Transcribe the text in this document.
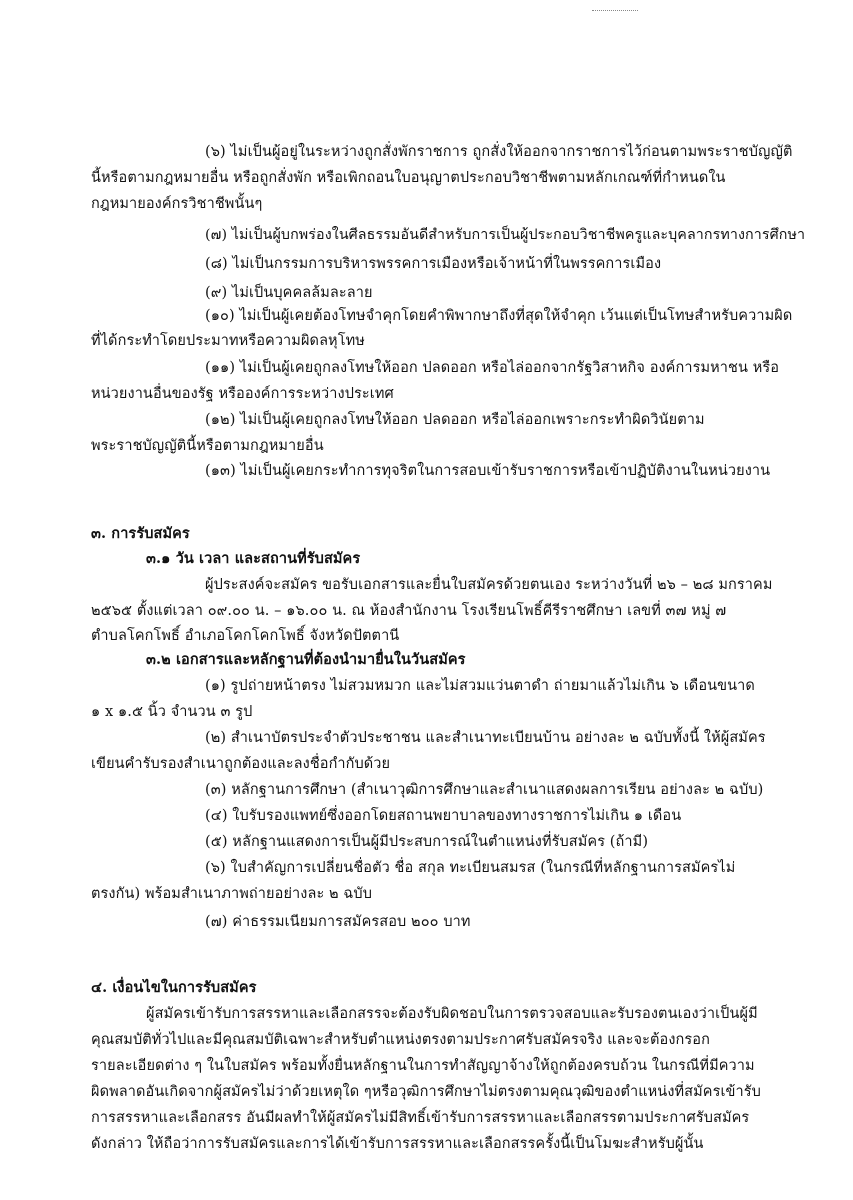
(๖) ไม่เป็นผู้อยู่ในระหว่างถูกสั่งพักราชการ ถูกสั่งให้ออกจากราชการไว้ก่อนตามพระราชบัญญัติ
นี้หรือตามกฎหมายอื่น หรือถูกสั่งพัก หรือเพิกถอนใบอนุญาตประกอบวิชาชีพตามหลักเกณฑ์ที่กำหนดใน
กฎหมายองค์กรวิชาชีพนั้นๆ
(๗) ไม่เป็นผู้บกพร่องในศีลธรรมอันดีสำหรับการเป็นผู้ประกอบวิชาชีพครูและบุคลากรทางการศึกษา
(๘) ไม่เป็นกรรมการบริหารพรรคการเมืองหรือเจ้าหน้าที่ในพรรคการเมือง
(๙) ไม่เป็นบุคคลล้มละลาย
(๑๐) ไม่เป็นผู้เคยต้องโทษจำคุกโดยคำพิพากษาถึงที่สุดให้จำคุก เว้นแต่เป็นโทษสำหรับความผิด
ที่ได้กระทำโดยประมาทหรือความผิดลหุโทษ
(๑๑) ไม่เป็นผู้เคยถูกลงโทษให้ออก ปลดออก หรือไล่ออกจากรัฐวิสาหกิจ องค์การมหาชน หรือ
หน่วยงานอื่นของรัฐ หรือองค์การระหว่างประเทศ
(๑๒) ไม่เป็นผู้เคยถูกลงโทษให้ออก ปลดออก หรือไล่ออกเพราะกระทำผิดวินัยตาม
พระราชบัญญัตินี้หรือตามกฎหมายอื่น
(๑๓) ไม่เป็นผู้เคยกระทำการทุจริตในการสอบเข้ารับราชการหรือเข้าปฏิบัติงานในหน่วยงาน
๓. การรับสมัคร
๓.๑ วัน เวลา และสถานที่รับสมัคร
ผู้ประสงค์จะสมัคร ขอรับเอกสารและยื่นใบสมัครด้วยตนเอง ระหว่างวันที่ ๒๖ – ๒๘ มกราคม
๒๕๖๕ ตั้งแต่เวลา ๐๙.๐๐ น. – ๑๖.๐๐ น. ณ ห้องสำนักงาน โรงเรียนโพธิ์คีรีราชศึกษา เลขที่ ๓๗ หมู่ ๗
ตำบลโคกโพธิ์ อำเภอโคกโคกโพธิ์ จังหวัดปัตตานี
๓.๒ เอกสารและหลักฐานที่ต้องนำมายื่นในวันสมัคร
(๑) รูปถ่ายหน้าตรง ไม่สวมหมวก และไม่สวมแว่นตาดำ ถ่ายมาแล้วไม่เกิน ๖ เดือนขนาด
๑ x ๑.๕ นิ้ว จำนวน ๓ รูป
(๒) สำเนาบัตรประจำตัวประชาชน และสำเนาทะเบียนบ้าน อย่างละ ๒ ฉบับทั้งนี้ ให้ผู้สมัคร
เขียนคำรับรองสำเนาถูกต้องและลงชื่อกำกับด้วย
(๓) หลักฐานการศึกษา (สำเนาวุฒิการศึกษาและสำเนาแสดงผลการเรียน อย่างละ ๒ ฉบับ)
(๔) ใบรับรองแพทย์ซึ่งออกโดยสถานพยาบาลของทางราชการไม่เกิน ๑ เดือน
(๕) หลักฐานแสดงการเป็นผู้มีประสบการณ์ในตำแหน่งที่รับสมัคร (ถ้ามี)
(๖) ใบสำคัญการเปลี่ยนชื่อตัว ชื่อ สกุล ทะเบียนสมรส (ในกรณีที่หลักฐานการสมัครไม่
ตรงกัน) พร้อมสำเนาภาพถ่ายอย่างละ ๒ ฉบับ
(๗) ค่าธรรมเนียมการสมัครสอบ ๒๐๐ บาท
๔. เงื่อนไขในการรับสมัคร
ผู้สมัครเข้ารับการสรรหาและเลือกสรรจะต้องรับผิดชอบในการตรวจสอบและรับรองตนเองว่าเป็นผู้มี
คุณสมบัติทั่วไปและมีคุณสมบัติเฉพาะสำหรับตำแหน่งตรงตามประกาศรับสมัครจริง และจะต้องกรอก
รายละเอียดต่าง ๆ ในใบสมัคร พร้อมทั้งยื่นหลักฐานในการทำสัญญาจ้างให้ถูกต้องครบถ้วน ในกรณีที่มีความ
ผิดพลาดอันเกิดจากผู้สมัครไม่ว่าด้วยเหตุใด ๆหรือวุฒิการศึกษาไม่ตรงตามคุณวุฒิของตำแหน่งที่สมัครเข้ารับ
การสรรหาและเลือกสรร อันมีผลทำให้ผู้สมัครไม่มีสิทธิ์เข้ารับการสรรหาและเลือกสรรตามประกาศรับสมัคร
ดังกล่าว ให้ถือว่าการรับสมัครและการได้เข้ารับการสรรหาและเลือกสรรครั้งนี้เป็นโมฆะสำหรับผู้นั้น
